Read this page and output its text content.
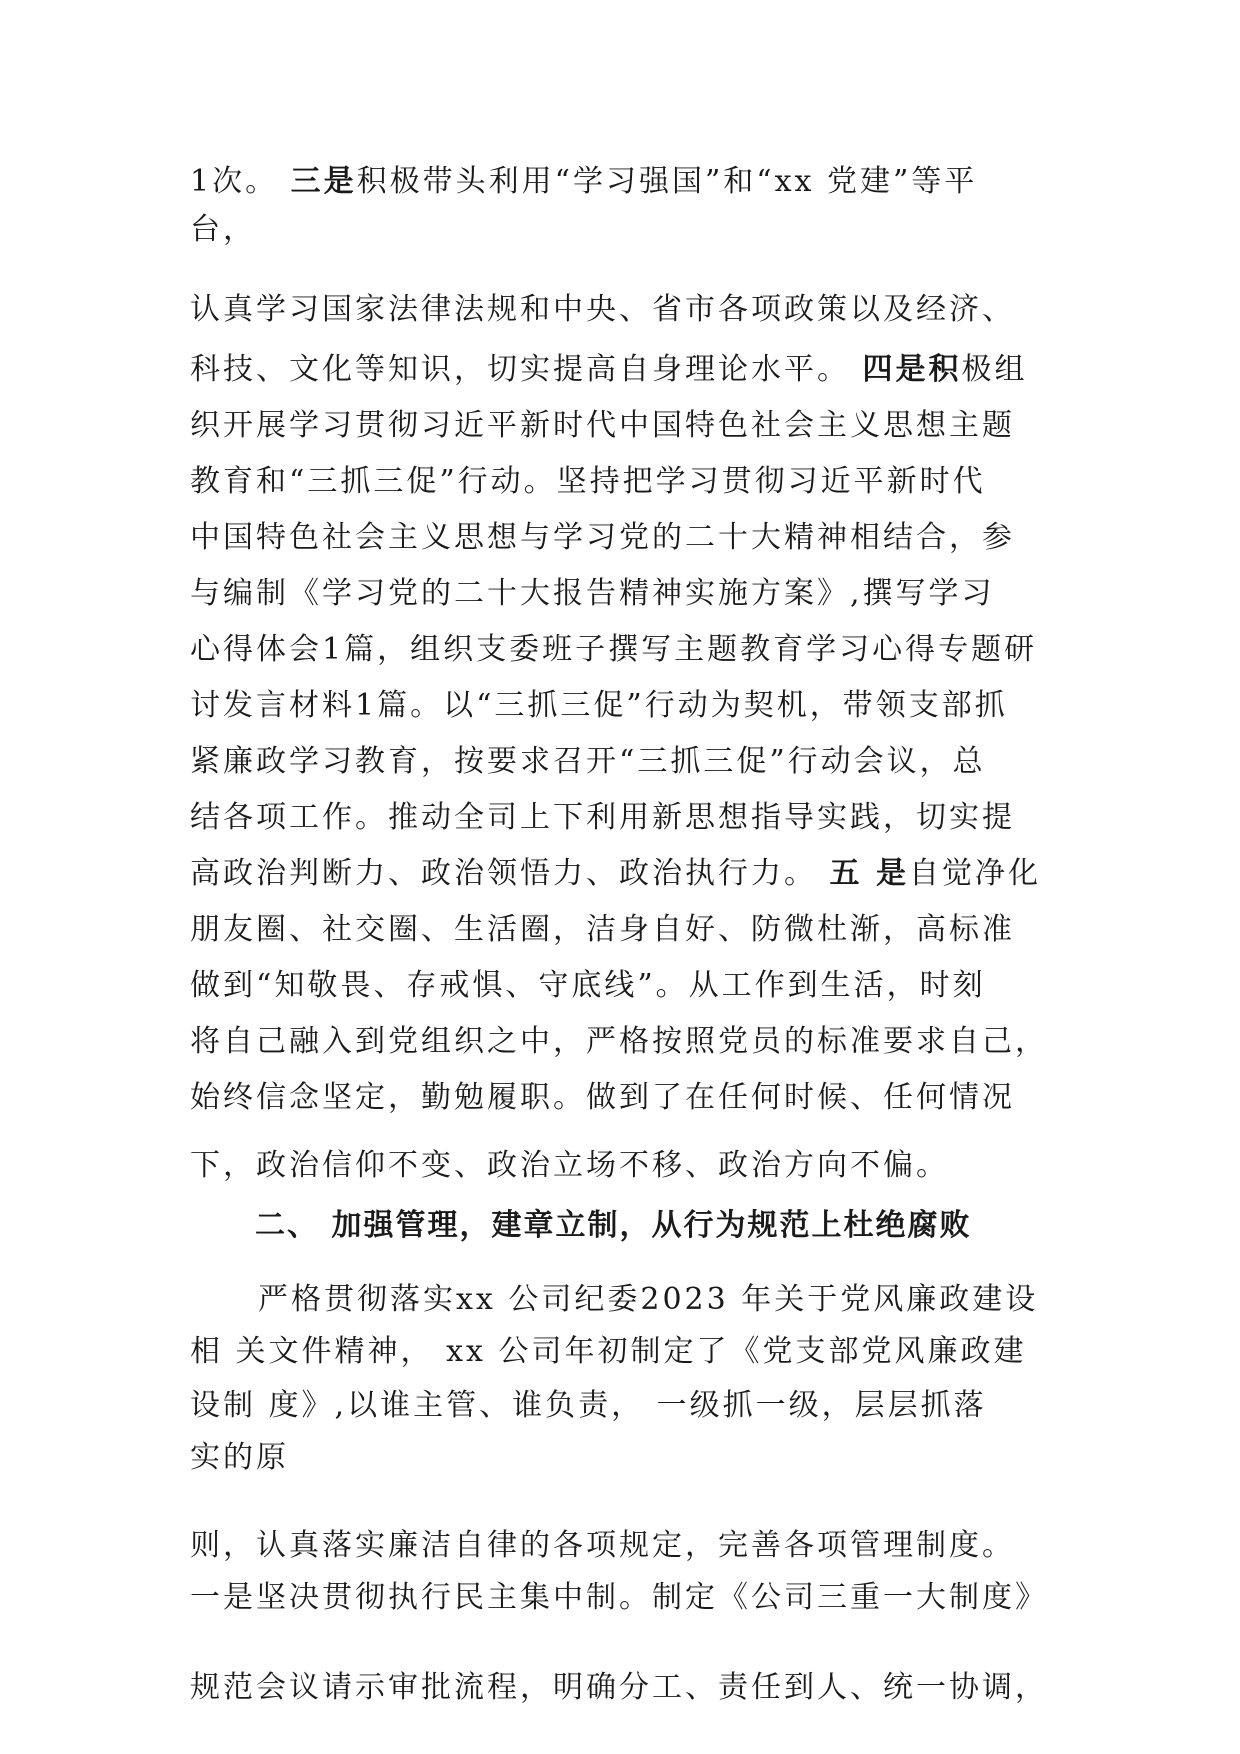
1次。 三是积极带头利用“学习强国”和“xx 党建”等平
台，
认真学习国家法律法规和中央、省市各项政策以及经济、
科技、文化等知识，切实提高自身理论水平。 四是积极组
织开展学习贯彻习近平新时代中国特色社会主义思想主题
教育和“三抓三促”行动。坚持把学习贯彻习近平新时代
中国特色社会主义思想与学习党的二十大精神相结合，参
与编制《学习党的二十大报告精神实施方案》,撰写学习
心得体会1篇，组织支委班子撰写主题教育学习心得专题研
讨发言材料1篇。以“三抓三促”行动为契机，带领支部抓
紧廉政学习教育，按要求召开“三抓三促”行动会议，总
结各项工作。推动全司上下利用新思想指导实践，切实提
高政治判断力、政治领悟力、政治执行力。 五 是自觉净化
朋友圈、社交圈、生活圈，洁身自好、防微杜渐，高标准
做到“知敬畏、存戒惧、守底线”。从工作到生活，时刻
将自己融入到党组织之中，严格按照党员的标准要求自己，
始终信念坚定，勤勉履职。做到了在任何时候、任何情况
下，政治信仰不变、政治立场不移、政治方向不偏。
二、 加强管理，建章立制，从行为规范上杜绝腐败
严格贯彻落实xx 公司纪委2023 年关于党风廉政建设
相 关文件精神， xx 公司年初制定了《党支部党风廉政建
设制 度》,以谁主管、谁负责， 一级抓一级，层层抓落
实的原
则，认真落实廉洁自律的各项规定，完善各项管理制度。
一是坚决贯彻执行民主集中制。制定《公司三重一大制度》
规范会议请示审批流程，明确分工、责任到人、统一协调，
